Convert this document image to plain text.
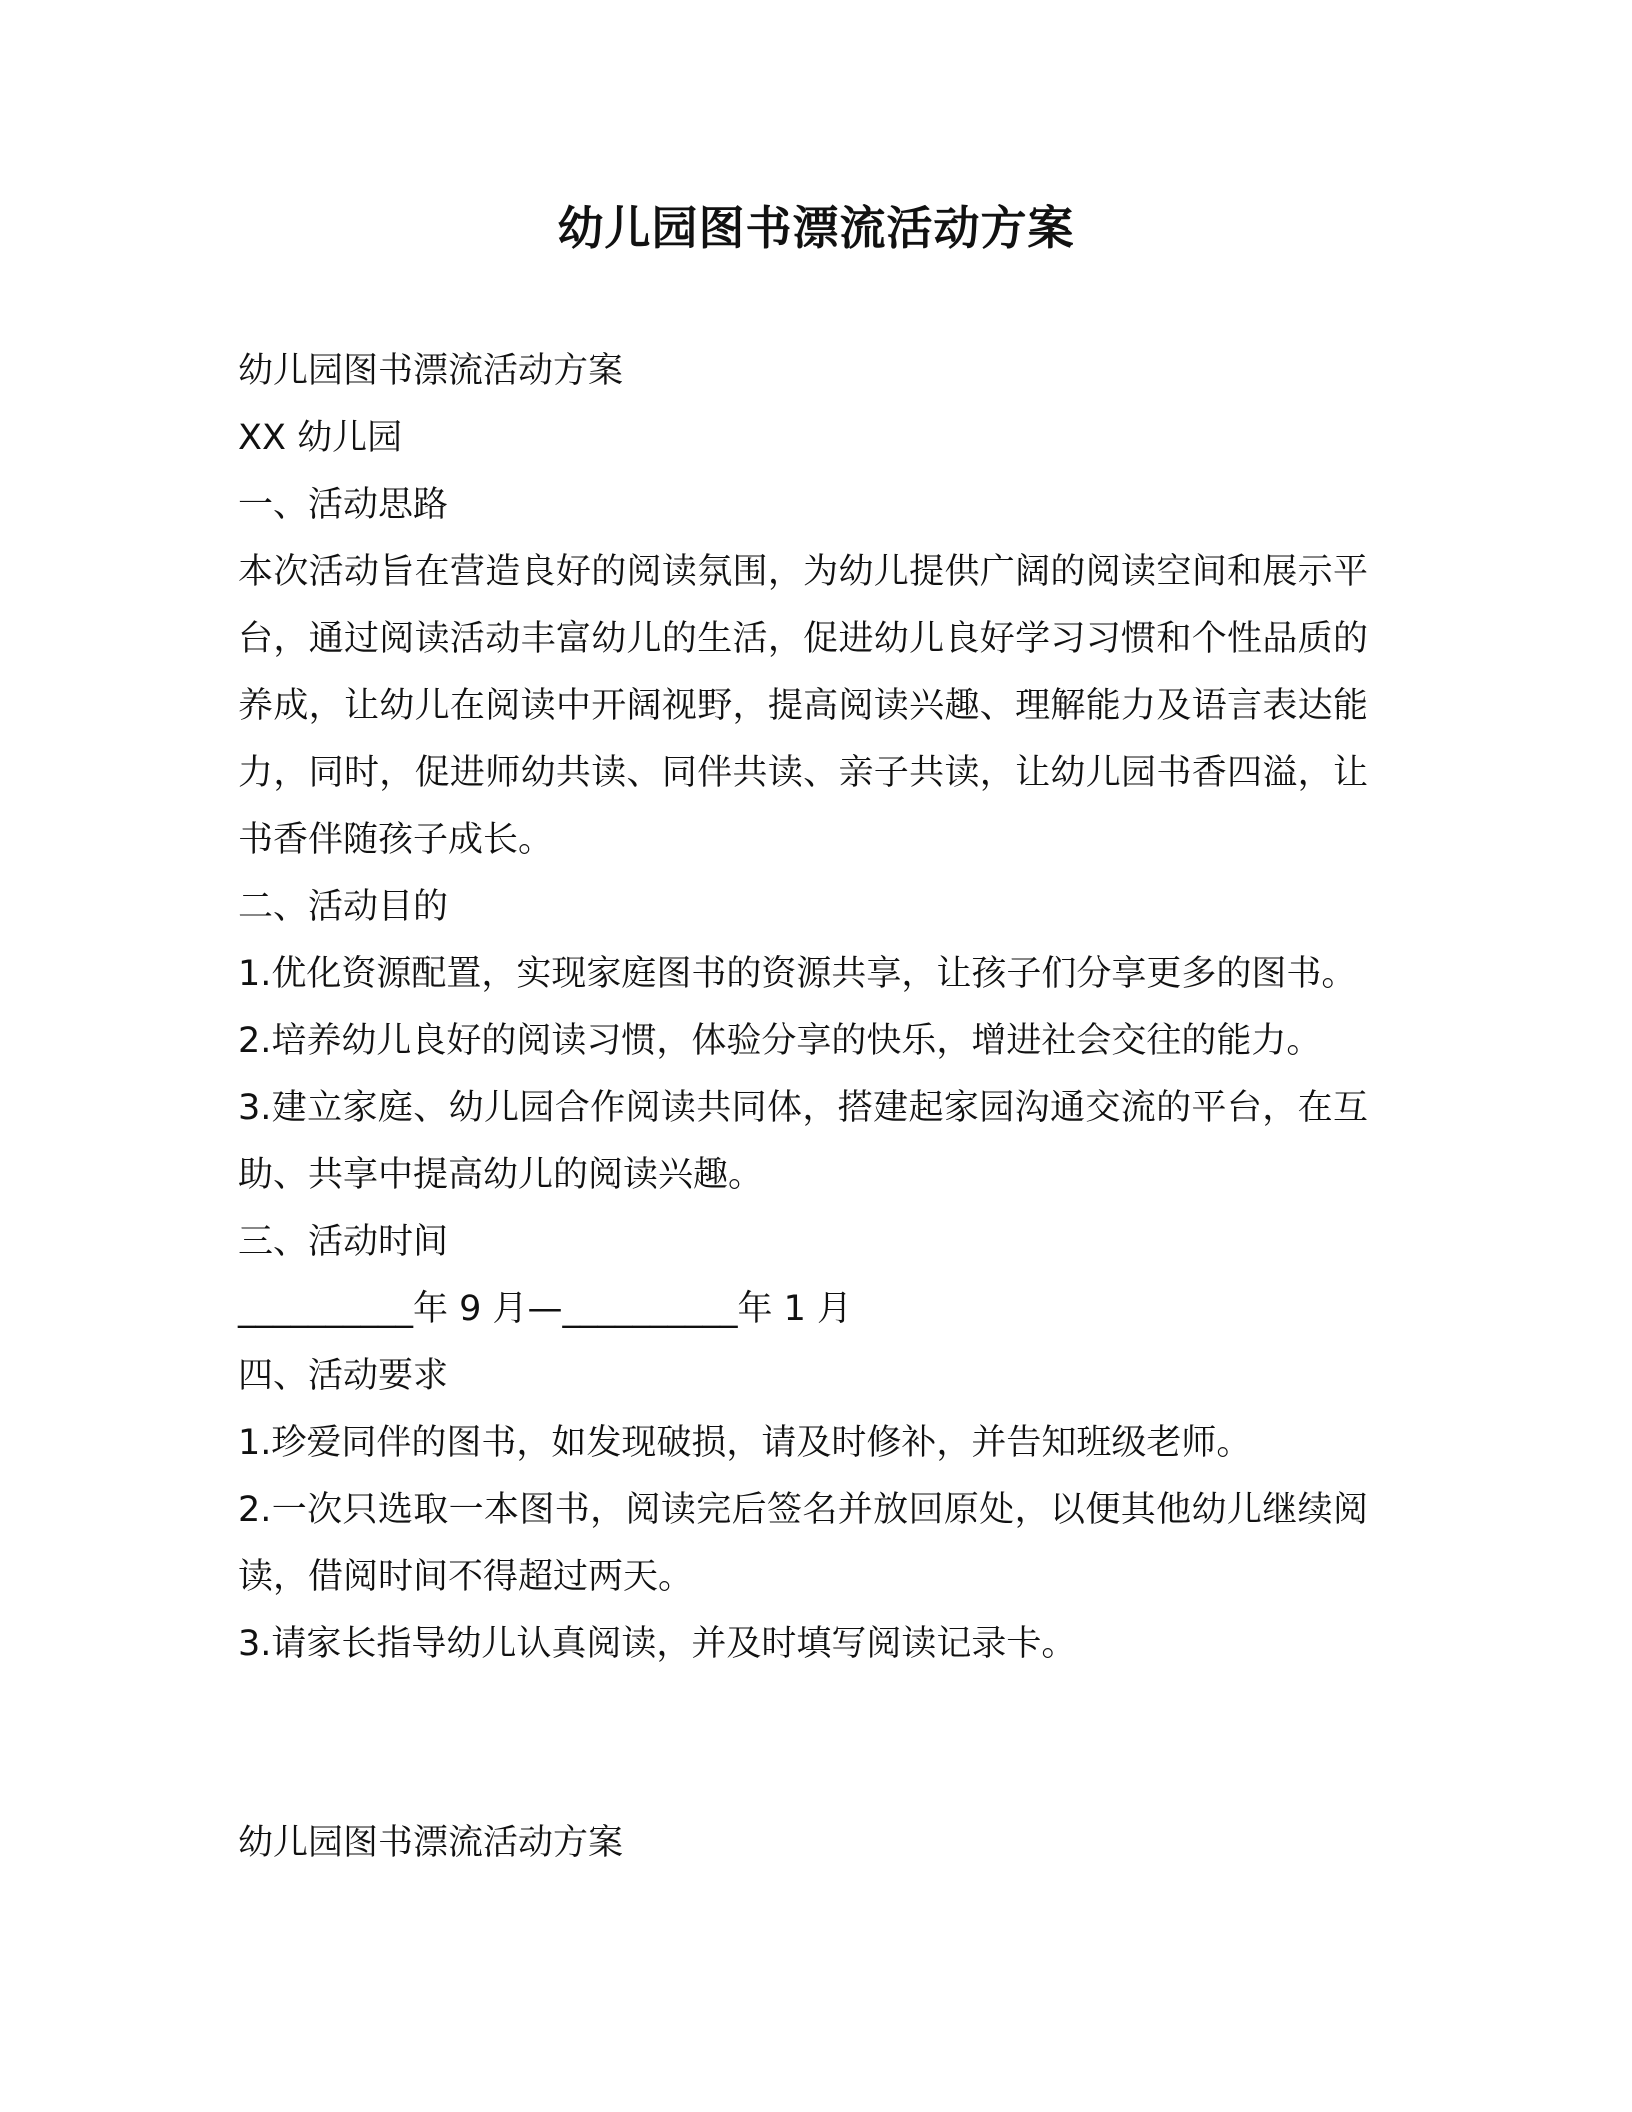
幼儿园图书漂流活动方案

幼儿园图书漂流活动方案

XX 幼儿园

一、活动思路

本次活动旨在营造良好的阅读氛围，为幼儿提供广阔的阅读空间和展示平台，通过阅读活动丰富幼儿的生活，促进幼儿良好学习习惯和个性品质的养成，让幼儿在阅读中开阔视野，提高阅读兴趣、理解能力及语言表达能力，同时，促进师幼共读、同伴共读、亲子共读，让幼儿园书香四溢，让书香伴随孩子成长。

二、活动目的

1.优化资源配置，实现家庭图书的资源共享，让孩子们分享更多的图书。

2.培养幼儿良好的阅读习惯，体验分享的快乐，增进社会交往的能力。

3.建立家庭、幼儿园合作阅读共同体，搭建起家园沟通交流的平台，在互助、共享中提高幼儿的阅读兴趣。

三、活动时间

__________年 9 月—__________年 1 月

四、活动要求

1.珍爱同伴的图书，如发现破损，请及时修补，并告知班级老师。

2.一次只选取一本图书，阅读完后签名并放回原处，以便其他幼儿继续阅读，借阅时间不得超过两天。

3.请家长指导幼儿认真阅读，并及时填写阅读记录卡。

幼儿园图书漂流活动方案
